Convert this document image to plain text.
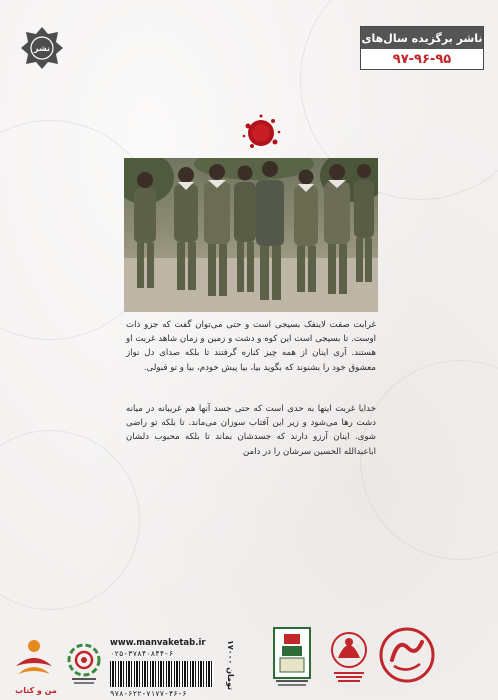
نشر
ناشر برگزیده سال‌های
۹۷-۹۶-۹۵
غرابت صفت لاینفک بسیجی است و حتی می‌توان گفت که جزو ذات اوست. تا بسیجی است این کوه و دشت و زمین و زمان شاهد غربت او هستند. آری اینان از همه چیز کناره گرفتند تا بلکه صدای دل نواز معشوق خود را بشنوند که بگوید بیا، بیا پیش خودم، بیا و تو قبولی.
خدایا غربت اینها به حدی است که حتی جسد آنها هم غریبانه در میانه دشت رها می‌شود و زیر این آفتاب سوزان می‌ماند. تا بلکه تو راضی شوی. اینان آرزو دارند که جسدشان بماند تا بلکه محبوب دلشان اباعبدالله الحسین سرشان را در دامن
من و کتاب
www.manvaketab.ir
۰۲۵-۳۷۸۴۰۸۴۴-۶
۹۷۸-۶۲۲-۷۱۷۷-۴۶-۶
۱۷۰۰۰ تومان
